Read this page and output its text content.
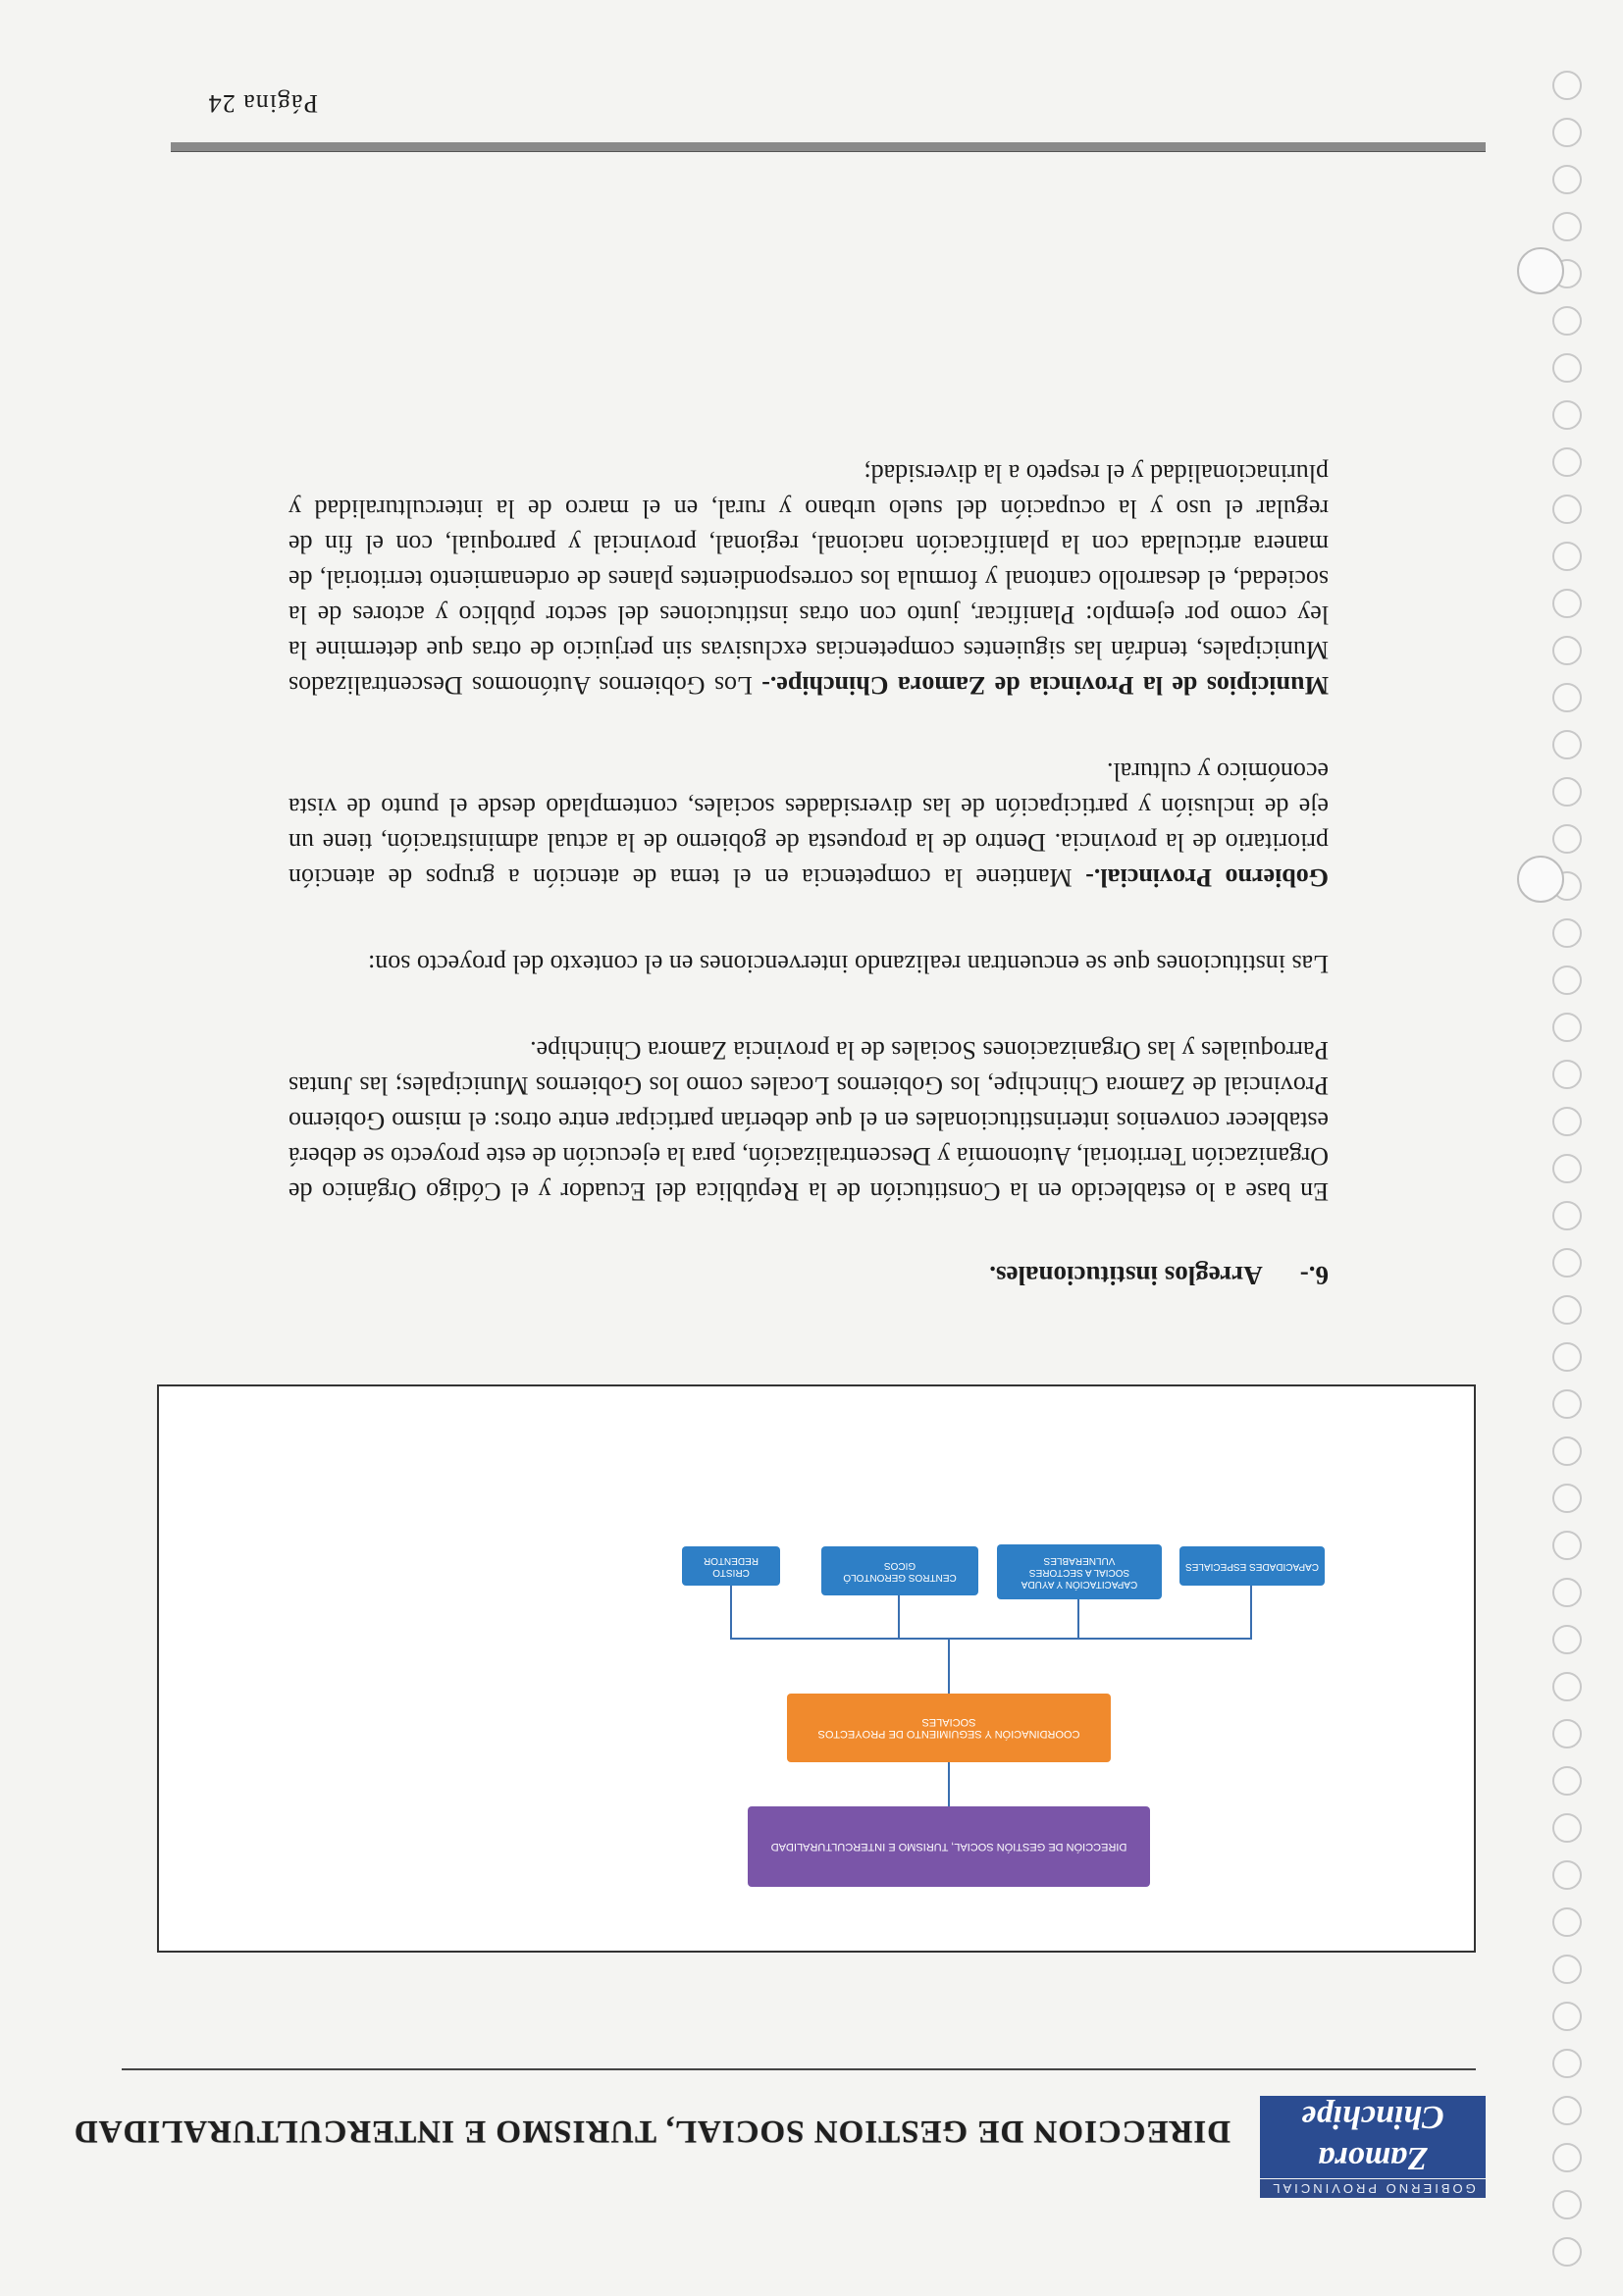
GOBIERNO PROVINCIAL
Zamora Chinchipe
DIRECCION DE GESTION SOCIAL, TURISMO E INTERCULTURALIDAD
DIRECCIÓN DE GESTIÓN SOCIAL, TURISMO E INTERCULTURALIDAD
COORDINACIÓN Y SEGUIMIENTO DE PROYECTOS SOCIALES
CAPACIDADES ESPECIALES
CAPACITACIÓN Y AYUDA SOCIAL A SECTORES VULNERABLES
CENTROS GERONTOLÓ GICOS
CRISTO REDENTOR
6.- Arreglos institucionales.

En base a lo establecido en la Constitución de la República del Ecuador y el Código Orgánico de Organización Territorial, Autonomía y Descentralización, para la ejecución de este proyecto se deberá establecer convenios interinstitucionales en el que deberían participar entre otros: el mismo Gobierno Provincial de Zamora Chinchipe, los Gobiernos Locales como los Gobiernos Municipales; las Juntas Parroquiales y las Organizaciones Sociales de la provincia Zamora Chinchipe.

Las instituciones que se encuentran realizando intervenciones en el contexto del proyecto son:

Gobierno Provincial.- Mantiene la competencia en el tema de atención a grupos de atención prioritario de la provincia. Dentro de la propuesta de gobierno de la actual administración, tiene un eje de inclusión y participación de las diversidades sociales, contemplado desde el punto de vista económico y cultural.

Municipios de la Provincia de Zamora Chinchipe.- Los Gobiernos Autónomos Descentralizados Municipales, tendrán las siguientes competencias exclusivas sin perjuicio de otras que determine la ley como por ejemplo: Planificar, junto con otras instituciones del sector público y actores de la sociedad, el desarrollo cantonal y formula los correspondientes planes de ordenamiento territorial, de manera articulada con la planificación nacional, regional, provincial y parroquial, con el fin de regular el uso y la ocupación del suelo urbano y rural, en el marco de la interculturalidad y plurinacionalidad y el respeto a la diversidad;

Página 24
